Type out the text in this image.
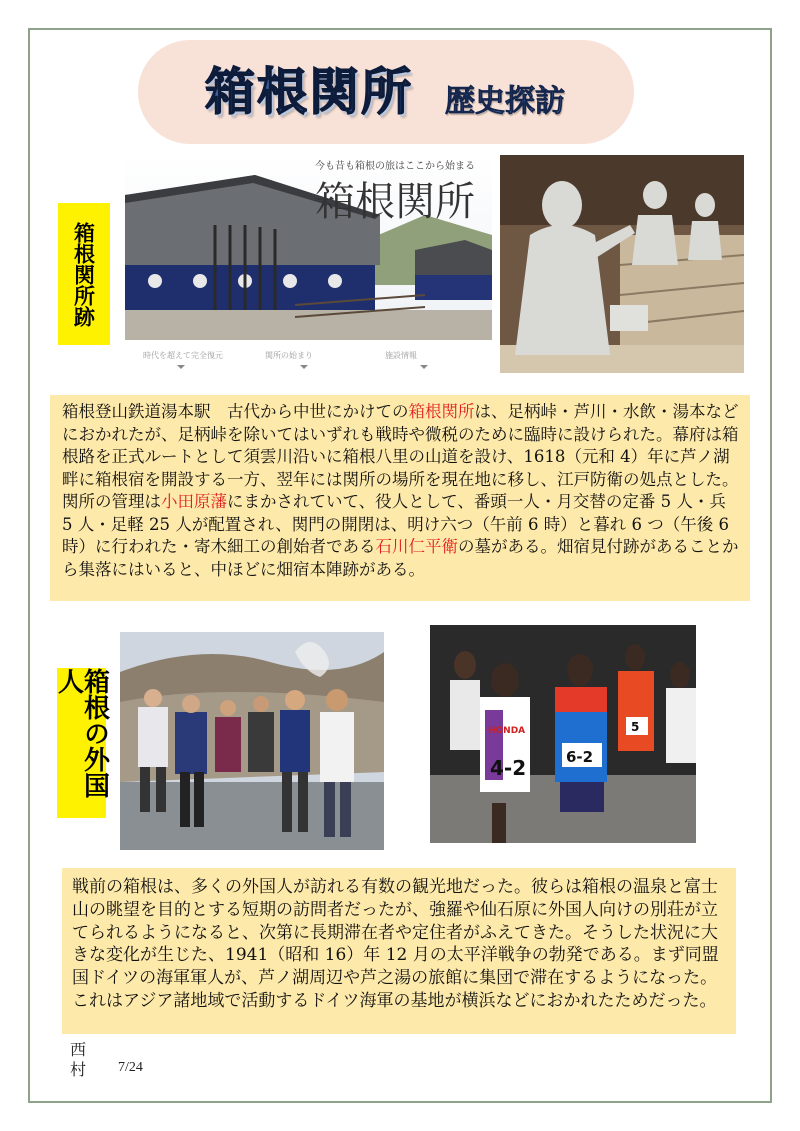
箱根関所 歴史探訪
箱根関所跡
今も昔も箱根の旅はここから始まる
箱根関所
時代を超えて完全復元	関所の始まり	施設情報
箱根登山鉄道湯本駅　古代から中世にかけての箱根関所は、足柄峠・芦川・水飲・湯本などにおかれたが、足柄峠を除いてはいずれも戦時や微税のために臨時に設けられた。幕府は箱根路を正式ルートとして須雲川沿いに箱根八里の山道を設け、1618（元和 4）年に芦ノ湖畔に箱根宿を開設する一方、翌年には関所の場所を現在地に移し、江戸防衛の処点とした。関所の管理は小田原藩にまかされていて、役人として、番頭一人・月交替の定番 5 人・兵 5 人・足軽 25 人が配置され、関門の開閉は、明け六つ（午前 6 時）と暮れ 6 つ（午後 6 時）に行われた・寄木細工の創始者である石川仁平衛の墓がある。畑宿見付跡があることから集落にはいると、中ほどに畑宿本陣跡がある。
箱根の外国人
HONDA
4-2	6-2
5
戦前の箱根は、多くの外国人が訪れる有数の観光地だった。彼らは箱根の温泉と富士山の眺望を目的とする短期の訪問者だったが、強羅や仙石原に外国人向けの別荘が立てられるようになると、次第に長期滞在者や定住者がふえてきた。そうした状況に大きな変化が生じた、1941（昭和 16）年 12 月の太平洋戦争の勃発である。まず同盟国ドイツの海軍軍人が、芦ノ湖周辺や芦之湯の旅館に集団で滞在するようになった。これはアジア諸地域で活動するドイツ海軍の基地が横浜などにおかれたためだった。
西村 7/24
